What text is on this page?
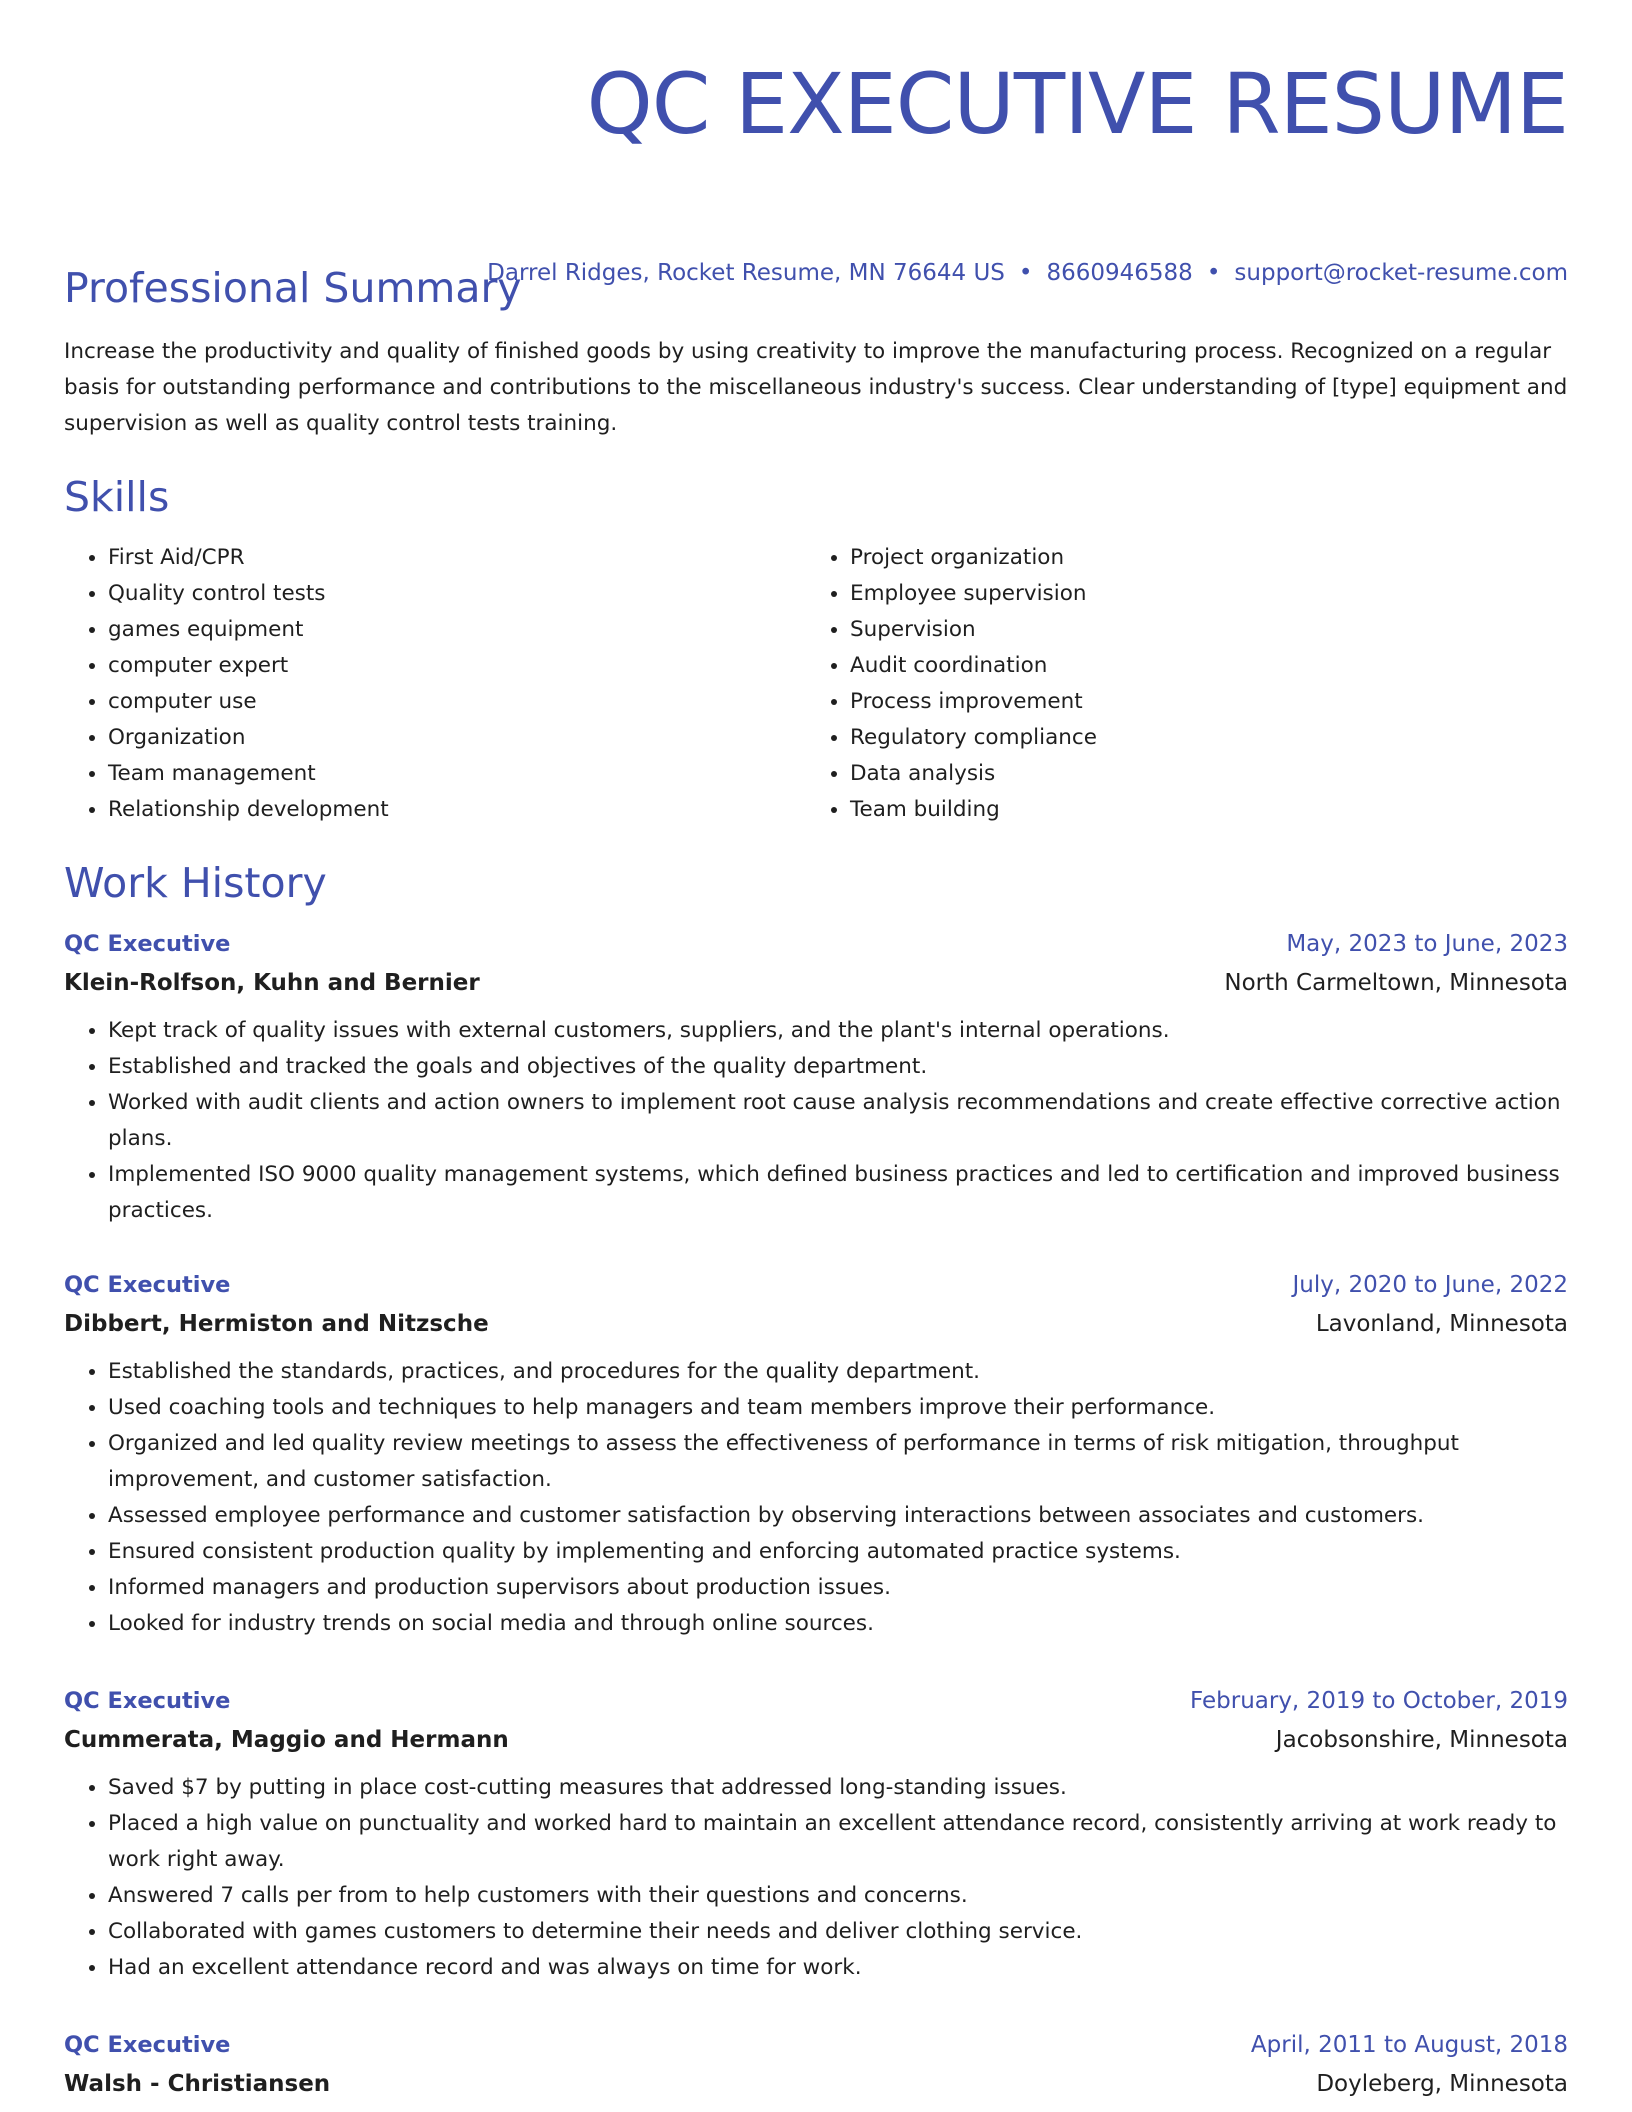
QC EXECUTIVE RESUME
Darrel Ridges, Rocket Resume, MN 76644 US • 8660946588 • support@rocket-resume.com
Professional Summary

Increase the productivity and quality of finished goods by using creativity to improve the manufacturing process. Recognized on a regular basis for outstanding performance and contributions to the miscellaneous industry's success. Clear understanding of [type] equipment and supervision as well as quality control tests training.

Skills
• First Aid/CPR
• Quality control tests
• games equipment
• computer expert
• computer use
• Organization
• Team management
• Relationship development
• Project organization
• Employee supervision
• Supervision
• Audit coordination
• Process improvement
• Regulatory compliance
• Data analysis
• Team building
Work History
QC Executive	May, 2023 to June, 2023
Klein-Rolfson, Kuhn and Bernier	North Carmeltown, Minnesota
• Kept track of quality issues with external customers, suppliers, and the plant's internal operations.
• Established and tracked the goals and objectives of the quality department.
• Worked with audit clients and action owners to implement root cause analysis recommendations and create effective corrective action plans.
• Implemented ISO 9000 quality management systems, which defined business practices and led to certification and improved business practices.
QC Executive	July, 2020 to June, 2022
Dibbert, Hermiston and Nitzsche	Lavonland, Minnesota
• Established the standards, practices, and procedures for the quality department.
• Used coaching tools and techniques to help managers and team members improve their performance.
• Organized and led quality review meetings to assess the effectiveness of performance in terms of risk mitigation, throughput improvement, and customer satisfaction.
• Assessed employee performance and customer satisfaction by observing interactions between associates and customers.
• Ensured consistent production quality by implementing and enforcing automated practice systems.
• Informed managers and production supervisors about production issues.
• Looked for industry trends on social media and through online sources.
QC Executive	February, 2019 to October, 2019
Cummerata, Maggio and Hermann	Jacobsonshire, Minnesota
• Saved $7 by putting in place cost-cutting measures that addressed long-standing issues.
• Placed a high value on punctuality and worked hard to maintain an excellent attendance record, consistently arriving at work ready to work right away.
• Answered 7 calls per from to help customers with their questions and concerns.
• Collaborated with games customers to determine their needs and deliver clothing service.
• Had an excellent attendance record and was always on time for work.
QC Executive	April, 2011 to August, 2018
Walsh - Christiansen	Doyleberg, Minnesota
